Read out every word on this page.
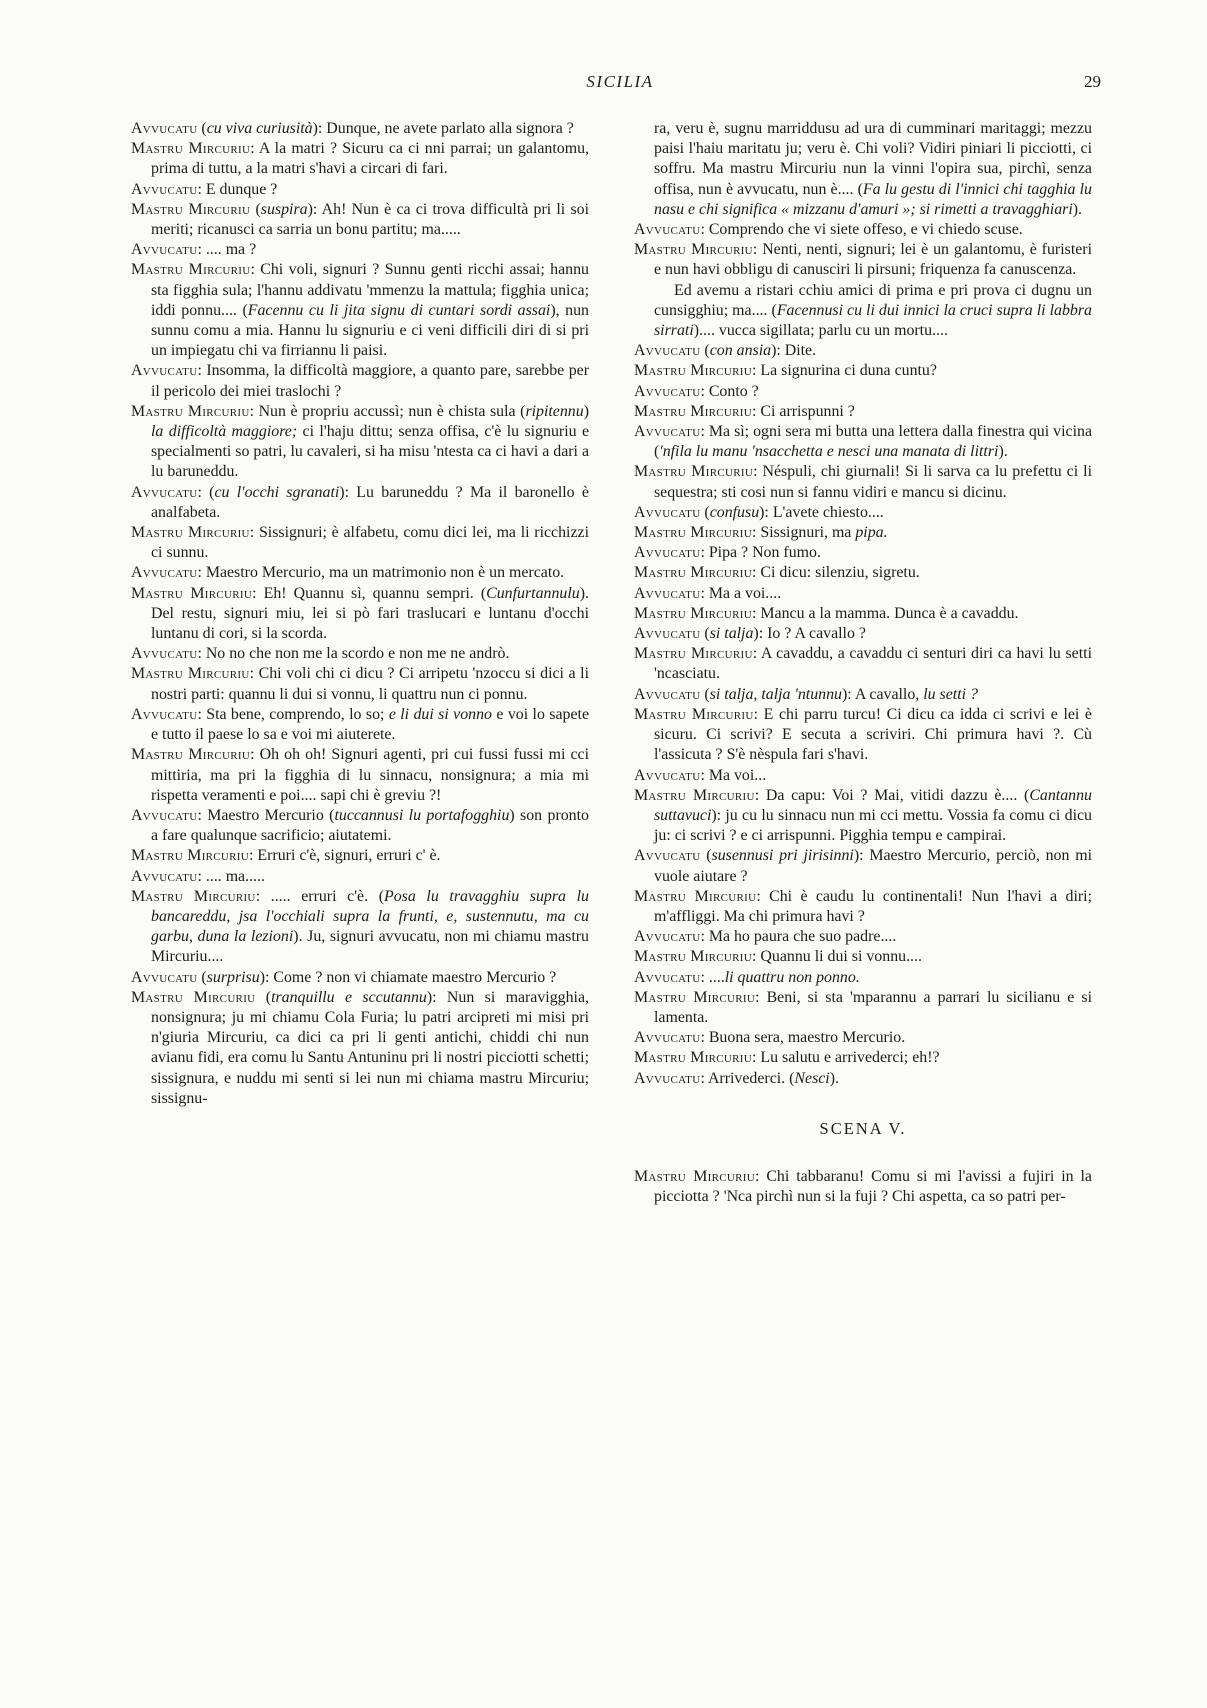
SICILIA	29

Avvucatu (cu viva curiusità): Dunque, ne avete parlato alla signora ?

Mastru Mircuriu: A la matri ? Sicuru ca ci nni parrai; un galantomu, prima di tuttu, a la matri s'havi a circari di fari.

Avvucatu: E dunque ?

Mastru Mircuriu (suspira): Ah! Nun è ca ci trova difficultà pri li soi meriti; ricanusci ca sarria un bonu partitu; ma.....

Avvucatu: .... ma ?

Mastru Mircuriu: Chi voli, signuri ? Sunnu genti ricchi assai; hannu sta figghia sula; l'hannu addivatu 'mmenzu la mattula; figghia unica; iddi ponnu.... (Facennu cu li jita signu di cuntari sordi assai), nun sunnu comu a mia. Hannu lu signuriu e ci veni difficili diri di si pri un impiegatu chi va firriannu li paisi.

Avvucatu: Insomma, la difficoltà maggiore, a quanto pare, sarebbe per il pericolo dei miei traslochi ?

Mastru Mircuriu: Nun è propriu accussì; nun è chista sula (ripitennu) la difficoltà maggiore; ci l'haju dittu; senza offisa, c'è lu signuriu e specialmenti so patri, lu cavaleri, si ha misu 'ntesta ca ci havi a dari a lu baruneddu.

Avvucatu: (cu l'occhi sgranati): Lu baruneddu ? Ma il baronello è analfabeta.

Mastru Mircuriu: Sissignuri; è alfabetu, comu dici lei, ma li ricchizzi ci sunnu.

Avvucatu: Maestro Mercurio, ma un matrimonio non è un mercato.

Mastru Mircuriu: Eh! Quannu sì, quannu sempri. (Cunfurtannulu). Del restu, signuri miu, lei si pò fari traslucari e luntanu d'occhi luntanu di cori, si la scorda.

Avvucatu: No no che non me la scordo e non me ne andrò.

Mastru Mircuriu: Chi voli chi ci dicu ? Ci arripetu 'nzoccu si dici a li nostri parti: quannu li dui si vonnu, li quattru nun ci ponnu.

Avvucatu: Sta bene, comprendo, lo so; e li dui si vonno e voi lo sapete e tutto il paese lo sa e voi mi aiuterete.

Mastru Mircuriu: Oh oh oh! Signuri agenti, pri cui fussi fussi mi cci mittiria, ma pri la figghia di lu sinnacu, nonsignura; a mia mi rispetta veramenti e poi.... sapi chi è greviu ?!

Avvucatu: Maestro Mercurio (tuccannusi lu portafogghiu) son pronto a fare qualunque sacrificio; aiutatemi.

Mastru Mircuriu: Erruri c'è, signuri, erruri c' è.

Avvucatu: .... ma.....

Mastru Mircuriu: ..... erruri c'è. (Posa lu travagghiu supra lu bancareddu, jsa l'occhiali supra la frunti, e, sustennutu, ma cu garbu, duna la lezioni). Ju, signuri avvucatu, non mi chiamu mastru Mircuriu....

Avvucatu (surprisu): Come ? non vi chiamate maestro Mercurio ?

Mastru Mircuriu (tranquillu e sccutannu): Nun si maravigghia, nonsignura; ju mi chiamu Cola Furia; lu patri arcipreti mi misi pri n'giuria Mircuriu, ca dici ca pri li genti antichi, chiddi chi nun avianu fidi, era comu lu Santu Antuninu pri li nostri picciotti schetti; sissignura, e nuddu mi senti si lei nun mi chiama mastru Mircuriu; sissignu-

ra, veru è, sugnu marriddusu ad ura di cumminari maritaggi; mezzu paisi l'haiu maritatu ju; veru è. Chi voli? Vidiri piniari li picciotti, ci soffru. Ma mastru Mircuriu nun la vinni l'opira sua, pirchì, senza offisa, nun è avvucatu, nun è.... (Fa lu gestu di l'innici chi tagghia lu nasu e chi significa « mizzanu d'amuri »; si rimetti a travagghiari).

Avvucatu: Comprendo che vi siete offeso, e vi chiedo scuse.

Mastru Mircuriu: Nenti, nenti, signuri; lei è un galantomu, è furisteri e nun havi obbligu di canusciri li pirsuni; friquenza fa canuscenza.

Ed avemu a ristari cchiu amici di prima e pri prova ci dugnu un cunsigghiu; ma.... (Facennusi cu li dui innici la cruci supra li labbra sirrati).... vucca sigillata; parlu cu un mortu....

Avvucatu (con ansia): Dite.

Mastru Mircuriu: La signurina ci duna cuntu?

Avvucatu: Conto ?

Mastru Mircuriu: Ci arrispunni ?

Avvucatu: Ma sì; ogni sera mi butta una lettera dalla finestra qui vicina ('nfila lu manu 'nsacchetta e nesci una manata di littri).

Mastru Mircuriu: Néspuli, chi giurnali! Si li sarva ca lu prefettu ci li sequestra; sti cosi nun si fannu vidiri e mancu si dicinu.

Avvucatu (confusu): L'avete chiesto....

Mastru Mircuriu: Sissignuri, ma pipa.

Avvucatu: Pipa ? Non fumo.

Mastru Mircuriu: Ci dicu: silenziu, sigretu.

Avvucatu: Ma a voi....

Mastru Mircuriu: Mancu a la mamma. Dunca è a cavaddu.

Avvucatu (si talja): Io ? A cavallo ?

Mastru Mircuriu: A cavaddu, a cavaddu ci senturi diri ca havi lu setti 'ncasciatu.

Avvucatu (si talja, talja 'ntunnu): A cavallo, lu setti ?

Mastru Mircuriu: E chi parru turcu! Ci dicu ca idda ci scrivi e lei è sicuru. Ci scrivi? E secuta a scriviri. Chi primura havi ?. Cù l'assicuta ? S'è nèspula fari s'havi.

Avvucatu: Ma voi...

Mastru Mircuriu: Da capu: Voi ? Mai, vitidi dazzu è.... (Cantannu suttavuci): ju cu lu sinnacu nun mi cci mettu. Vossia fa comu ci dicu ju: ci scrivi ? e ci arrispunni. Pigghia tempu e campirai.

Avvucatu (susennusi pri jirisinni): Maestro Mercurio, perciò, non mi vuole aiutare ?

Mastru Mircuriu: Chi è caudu lu continentali! Nun l'havi a diri; m'affliggi. Ma chi primura havi ?

Avvucatu: Ma ho paura che suo padre....

Mastru Mircuriu: Quannu li dui si vonnu....

Avvucatu: ....li quattru non ponno.

Mastru Mircuriu: Beni, si sta 'mparannu a parrari lu sicilianu e si lamenta.

Avvucatu: Buona sera, maestro Mercurio.

Mastru Mircuriu: Lu salutu e arrivederci; eh!?

Avvucatu: Arrivederci. (Nesci).

SCENA V.

Mastru Mircuriu: Chi tabbaranu! Comu si mi l'avissi a fujiri in la picciotta ? 'Nca pirchì nun si la fuji ? Chi aspetta, ca so patri per-
